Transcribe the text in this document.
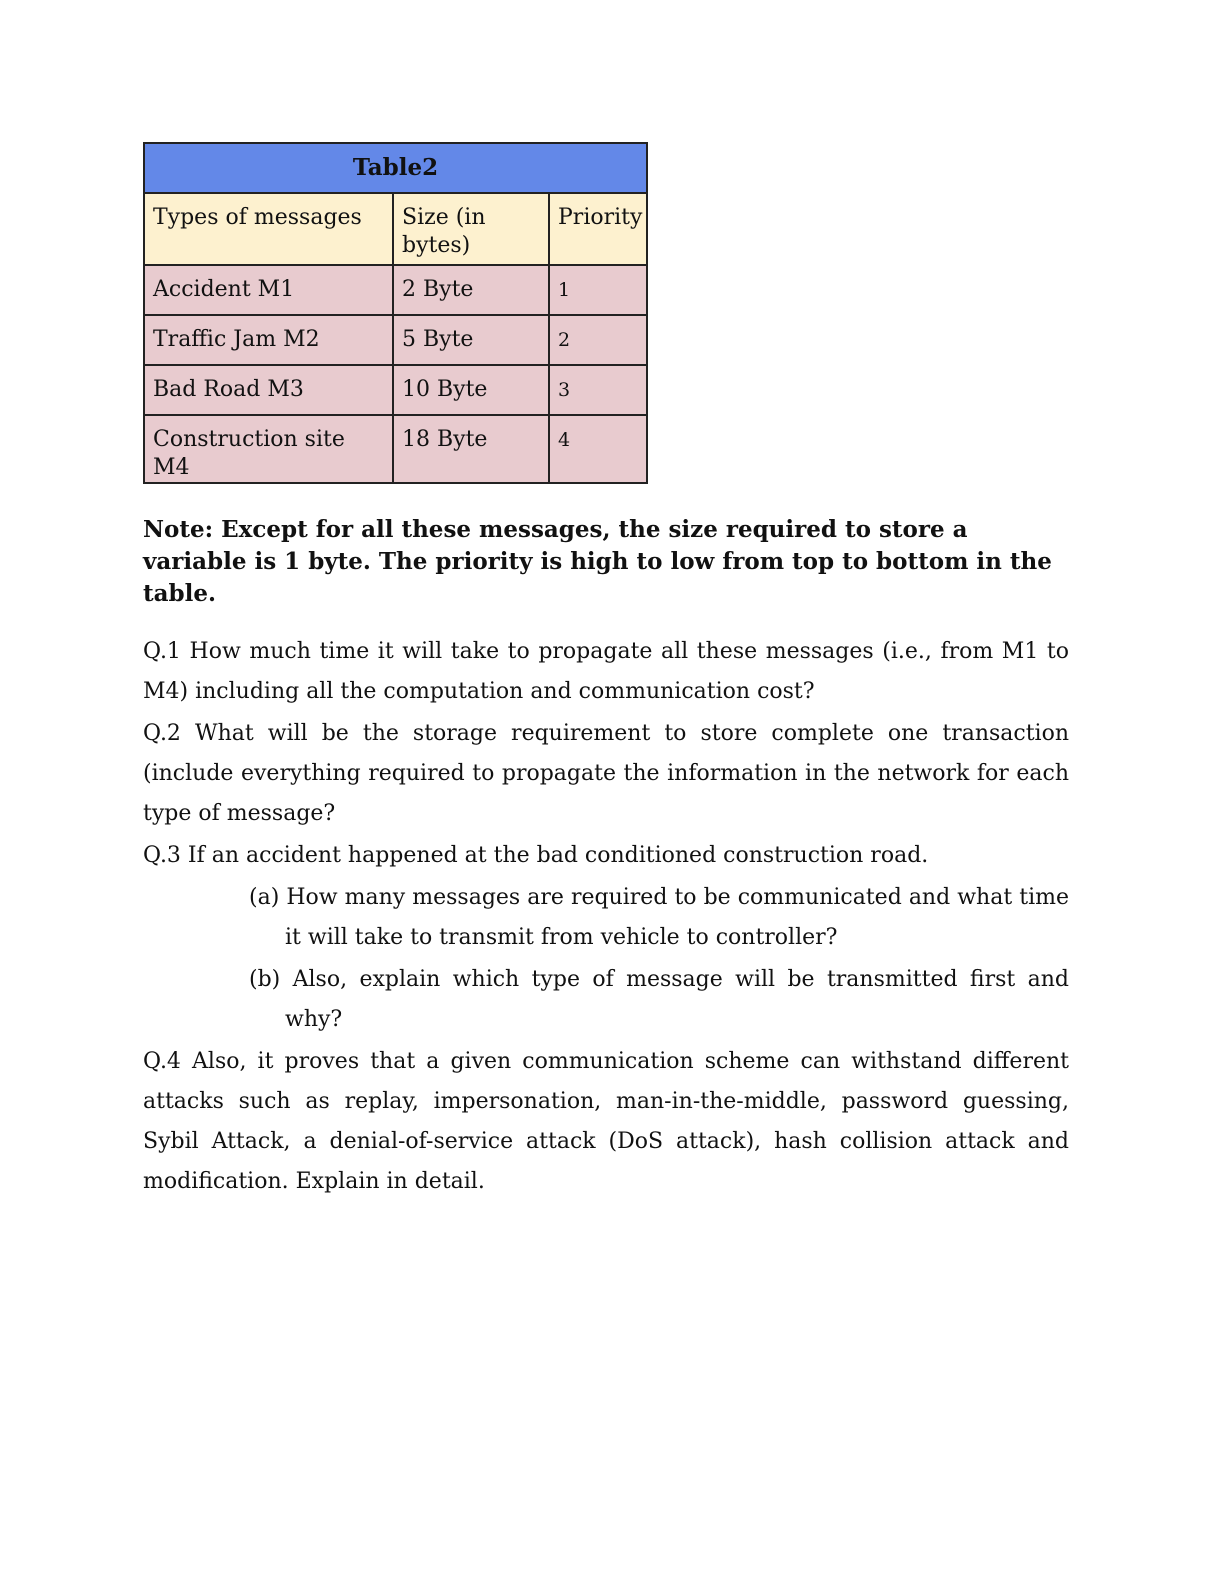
Table2		
Types of messages	Size (in bytes)	Priority
Accident M1	2 Byte	1
Traffic Jam M2	5 Byte	2
Bad Road M3	10 Byte	3
Construction site M4	18 Byte	4
Note: Except for all these messages, the size required to store a variable is 1 byte. The priority is high to low from top to bottom in the table.
Q.1 How much time it will take to propagate all these messages (i.e., from M1 to M4) including all the computation and communication cost?
Q.2 What will be the storage requirement to store complete one transaction (include everything required to propagate the information in the network for each type of message?
Q.3 If an accident happened at the bad conditioned construction road.
(a) How many messages are required to be communicated and what time it will take to transmit from vehicle to controller?
(b) Also, explain which type of message will be transmitted first and why?
Q.4 Also, it proves that a given communication scheme can withstand different attacks such as replay, impersonation, man-in-the-middle, password guessing, Sybil Attack, a denial-of-service attack (DoS attack), hash collision attack and modification. Explain in detail.
